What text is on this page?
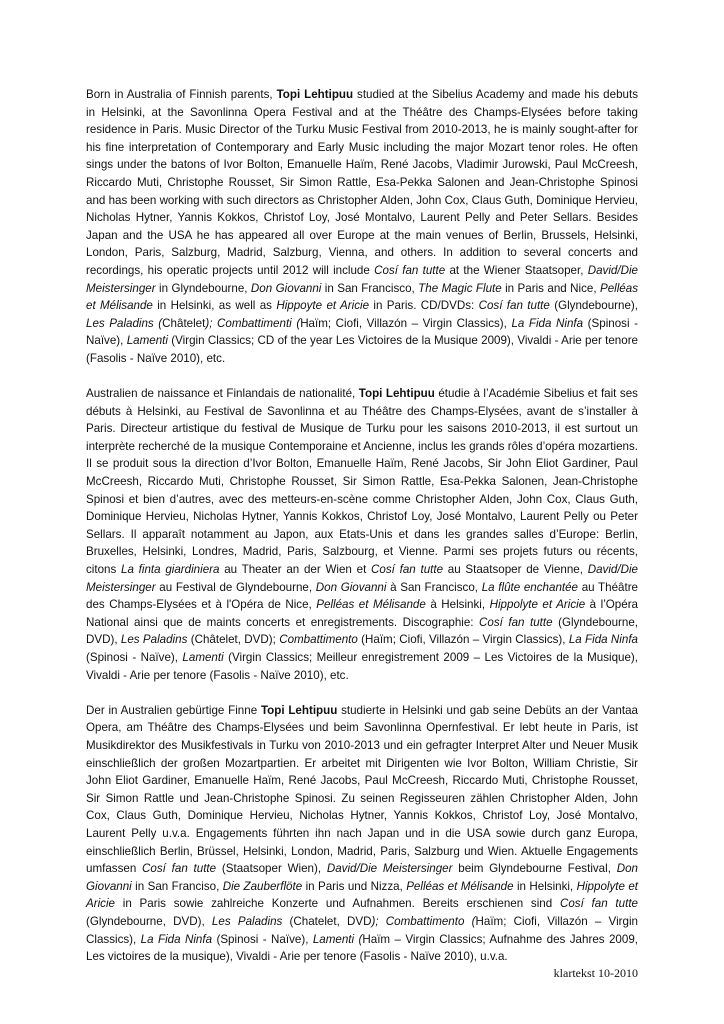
Born in Australia of Finnish parents, Topi Lehtipuu studied at the Sibelius Academy and made his debuts in Helsinki, at the Savonlinna Opera Festival and at the Théâtre des Champs-Elysées before taking residence in Paris. Music Director of the Turku Music Festival from 2010-2013, he is mainly sought-after for his fine interpretation of Contemporary and Early Music including the major Mozart tenor roles. He often sings under the batons of Ivor Bolton, Emanuelle Haïm, René Jacobs, Vladimir Jurowski, Paul McCreesh, Riccardo Muti, Christophe Rousset, Sir Simon Rattle, Esa-Pekka Salonen and Jean-Christophe Spinosi and has been working with such directors as Christopher Alden, John Cox, Claus Guth, Dominique Hervieu, Nicholas Hytner, Yannis Kokkos, Christof Loy, José Montalvo, Laurent Pelly and Peter Sellars. Besides Japan and the USA he has appeared all over Europe at the main venues of Berlin, Brussels, Helsinki, London, Paris, Salzburg, Madrid, Salzburg, Vienna, and others. In addition to several concerts and recordings, his operatic projects until 2012 will include Cosí fan tutte at the Wiener Staatsoper, David/Die Meistersinger in Glyndebourne, Don Giovanni in San Francisco, The Magic Flute in Paris and Nice, Pelléas et Mélisande in Helsinki, as well as Hippoyte et Aricie in Paris. CD/DVDs: Cosí fan tutte (Glyndebourne), Les Paladins (Châtelet); Combattimenti (Haïm; Ciofi, Villazón – Virgin Classics), La Fida Ninfa (Spinosi - Naïve), Lamenti (Virgin Classics; CD of the year Les Victoires de la Musique 2009), Vivaldi - Arie per tenore (Fasolis - Naïve 2010), etc.

Australien de naissance et Finlandais de nationalité, Topi Lehtipuu étudie à l’Académie Sibelius et fait ses débuts à Helsinki, au Festival de Savonlinna et au Théâtre des Champs-Elysées, avant de s’installer à Paris. Directeur artistique du festival de Musique de Turku pour les saisons 2010-2013, il est surtout un interprète recherché de la musique Contemporaine et Ancienne, inclus les grands rôles d’opéra mozartiens. Il se produit sous la direction d’Ivor Bolton, Emanuelle Haïm, René Jacobs, Sir John Eliot Gardiner, Paul McCreesh, Riccardo Muti, Christophe Rousset, Sir Simon Rattle, Esa-Pekka Salonen, Jean-Christophe Spinosi et bien d’autres, avec des metteurs-en-scène comme Christopher Alden, John Cox, Claus Guth, Dominique Hervieu, Nicholas Hytner, Yannis Kokkos, Christof Loy, José Montalvo, Laurent Pelly ou Peter Sellars. Il apparaît notamment au Japon, aux Etats-Unis et dans les grandes salles d’Europe: Berlin, Bruxelles, Helsinki, Londres, Madrid, Paris, Salzbourg, et Vienne. Parmi ses projets futurs ou récents, citons La finta giardiniera au Theater an der Wien et Cosí fan tutte au Staatsoper de Vienne, David/Die Meistersinger au Festival de Glyndebourne, Don Giovanni à San Francisco, La flûte enchantée au Théâtre des Champs-Elysées et à l'Opéra de Nice, Pelléas et Mélisande à Helsinki, Hippolyte et Aricie à l’Opéra National ainsi que de maints concerts et enregistrements. Discographie: Cosí fan tutte (Glyndebourne, DVD), Les Paladins (Châtelet, DVD); Combattimento (Haïm; Ciofi, Villazón – Virgin Classics), La Fida Ninfa (Spinosi - Naïve), Lamenti (Virgin Classics; Meilleur enregistrement 2009 – Les Victoires de la Musique), Vivaldi - Arie per tenore (Fasolis - Naïve 2010), etc.

Der in Australien gebürtige Finne Topi Lehtipuu studierte in Helsinki und gab seine Debüts an der Vantaa Opera, am Théâtre des Champs-Elysées und beim Savonlinna Opernfestival. Er lebt heute in Paris, ist Musikdirektor des Musikfestivals in Turku von 2010-2013 und ein gefragter Interpret Alter und Neuer Musik einschließlich der großen Mozartpartien. Er arbeitet mit Dirigenten wie Ivor Bolton, William Christie, Sir John Eliot Gardiner, Emanuelle Haïm, René Jacobs, Paul McCreesh, Riccardo Muti, Christophe Rousset, Sir Simon Rattle und Jean-Christophe Spinosi. Zu seinen Regisseuren zählen Christopher Alden, John Cox, Claus Guth, Dominique Hervieu, Nicholas Hytner, Yannis Kokkos, Christof Loy, José Montalvo, Laurent Pelly u.v.a. Engagements führten ihn nach Japan und in die USA sowie durch ganz Europa, einschließlich Berlin, Brüssel, Helsinki, London, Madrid, Paris, Salzburg und Wien. Aktuelle Engagements umfassen Cosí fan tutte (Staatsoper Wien), David/Die Meistersinger beim Glyndebourne Festival, Don Giovanni in San Franciso, Die Zauberflöte in Paris und Nizza, Pelléas et Mélisande in Helsinki, Hippolyte et Aricie in Paris sowie zahlreiche Konzerte und Aufnahmen. Bereits erschienen sind Cosí fan tutte (Glyndebourne, DVD), Les Paladins (Chatelet, DVD); Combattimento (Haïm; Ciofi, Villazón – Virgin Classics), La Fida Ninfa (Spinosi - Naïve), Lamenti (Haïm – Virgin Classics; Aufnahme des Jahres 2009, Les victoires de la musique), Vivaldi - Arie per tenore (Fasolis - Naïve 2010), u.v.a.

klartekst 10-2010
